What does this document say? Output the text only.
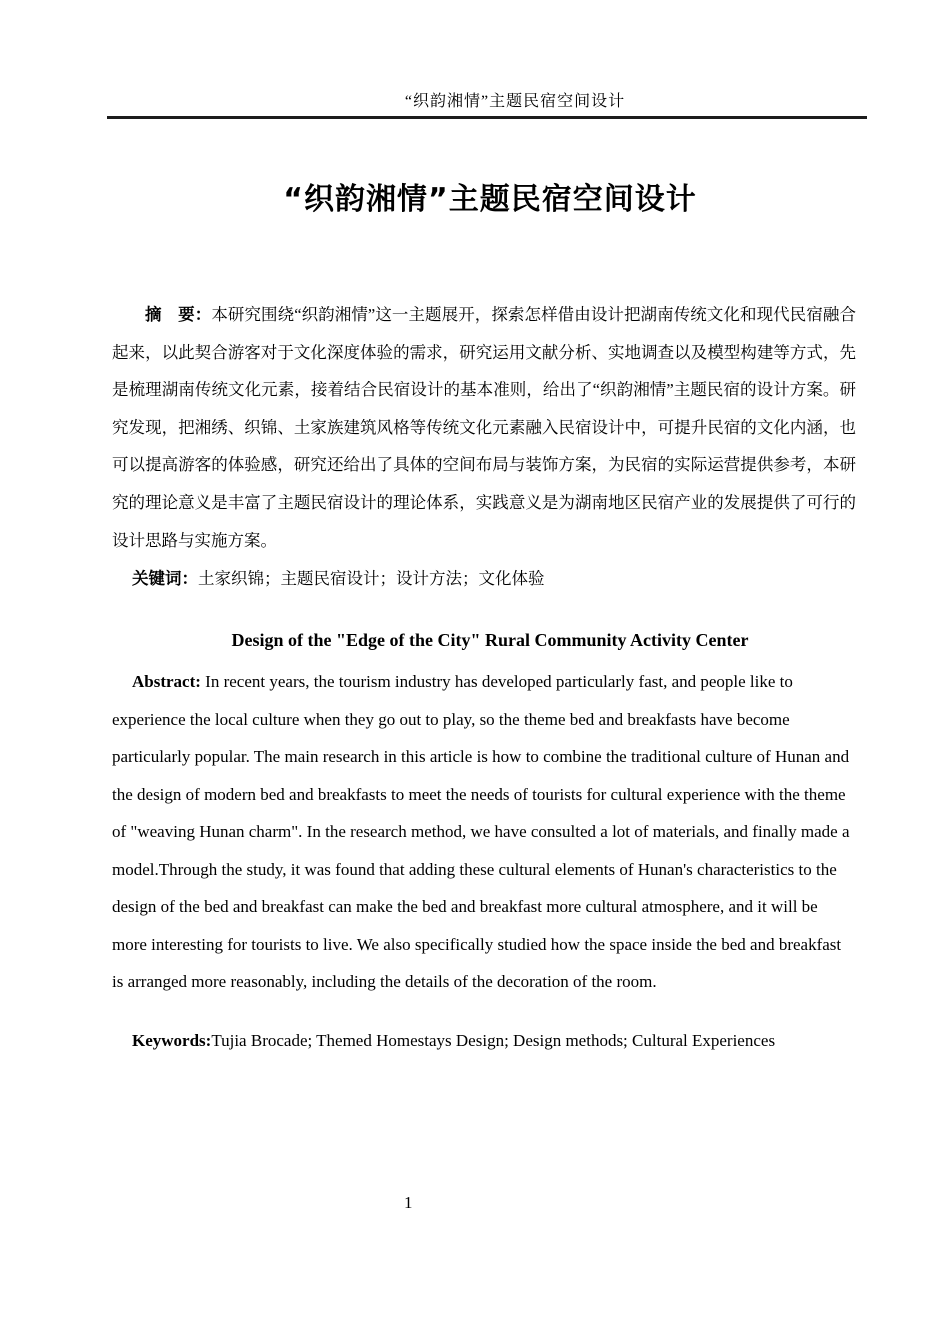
“织韵湘情”主题民宿空间设计
“织韵湘情”主题民宿空间设计

摘　要：本研究围绕“织韵湘情”这一主题展开，探索怎样借由设计把湖南传统文化和现代民宿融合起来，以此契合游客对于文化深度体验的需求，研究运用文献分析、实地调查以及模型构建等方式，先是梳理湖南传统文化元素，接着结合民宿设计的基本准则，给出了“织韵湘情”主题民宿的设计方案。研究发现，把湘绣、织锦、土家族建筑风格等传统文化元素融入民宿设计中，可提升民宿的文化内涵，也可以提高游客的体验感，研究还给出了具体的空间布局与装饰方案，为民宿的实际运营提供参考，本研究的理论意义是丰富了主题民宿设计的理论体系，实践意义是为湖南地区民宿产业的发展提供了可行的设计思路与实施方案。

关键词：土家织锦；主题民宿设计；设计方法；文化体验

Design of the "Edge of the City" Rural Community Activity Center

Abstract: In recent years, the tourism industry has developed particularly fast, and people like to experience the local culture when they go out to play, so the theme bed and breakfasts have become particularly popular. The main research in this article is how to combine the traditional culture of Hunan and the design of modern bed and breakfasts to meet the needs of tourists for cultural experience with the theme of "weaving Hunan charm". In the research method, we have consulted a lot of materials, and finally made a model.Through the study, it was found that adding these cultural elements of Hunan's characteristics to the design of the bed and breakfast can make the bed and breakfast more cultural atmosphere, and it will be more interesting for tourists to live. We also specifically studied how the space inside the bed and breakfast is arranged more reasonably, including the details of the decoration of the room.

Keywords:Tujia Brocade; Themed Homestays Design; Design methods; Cultural Experiences

1
